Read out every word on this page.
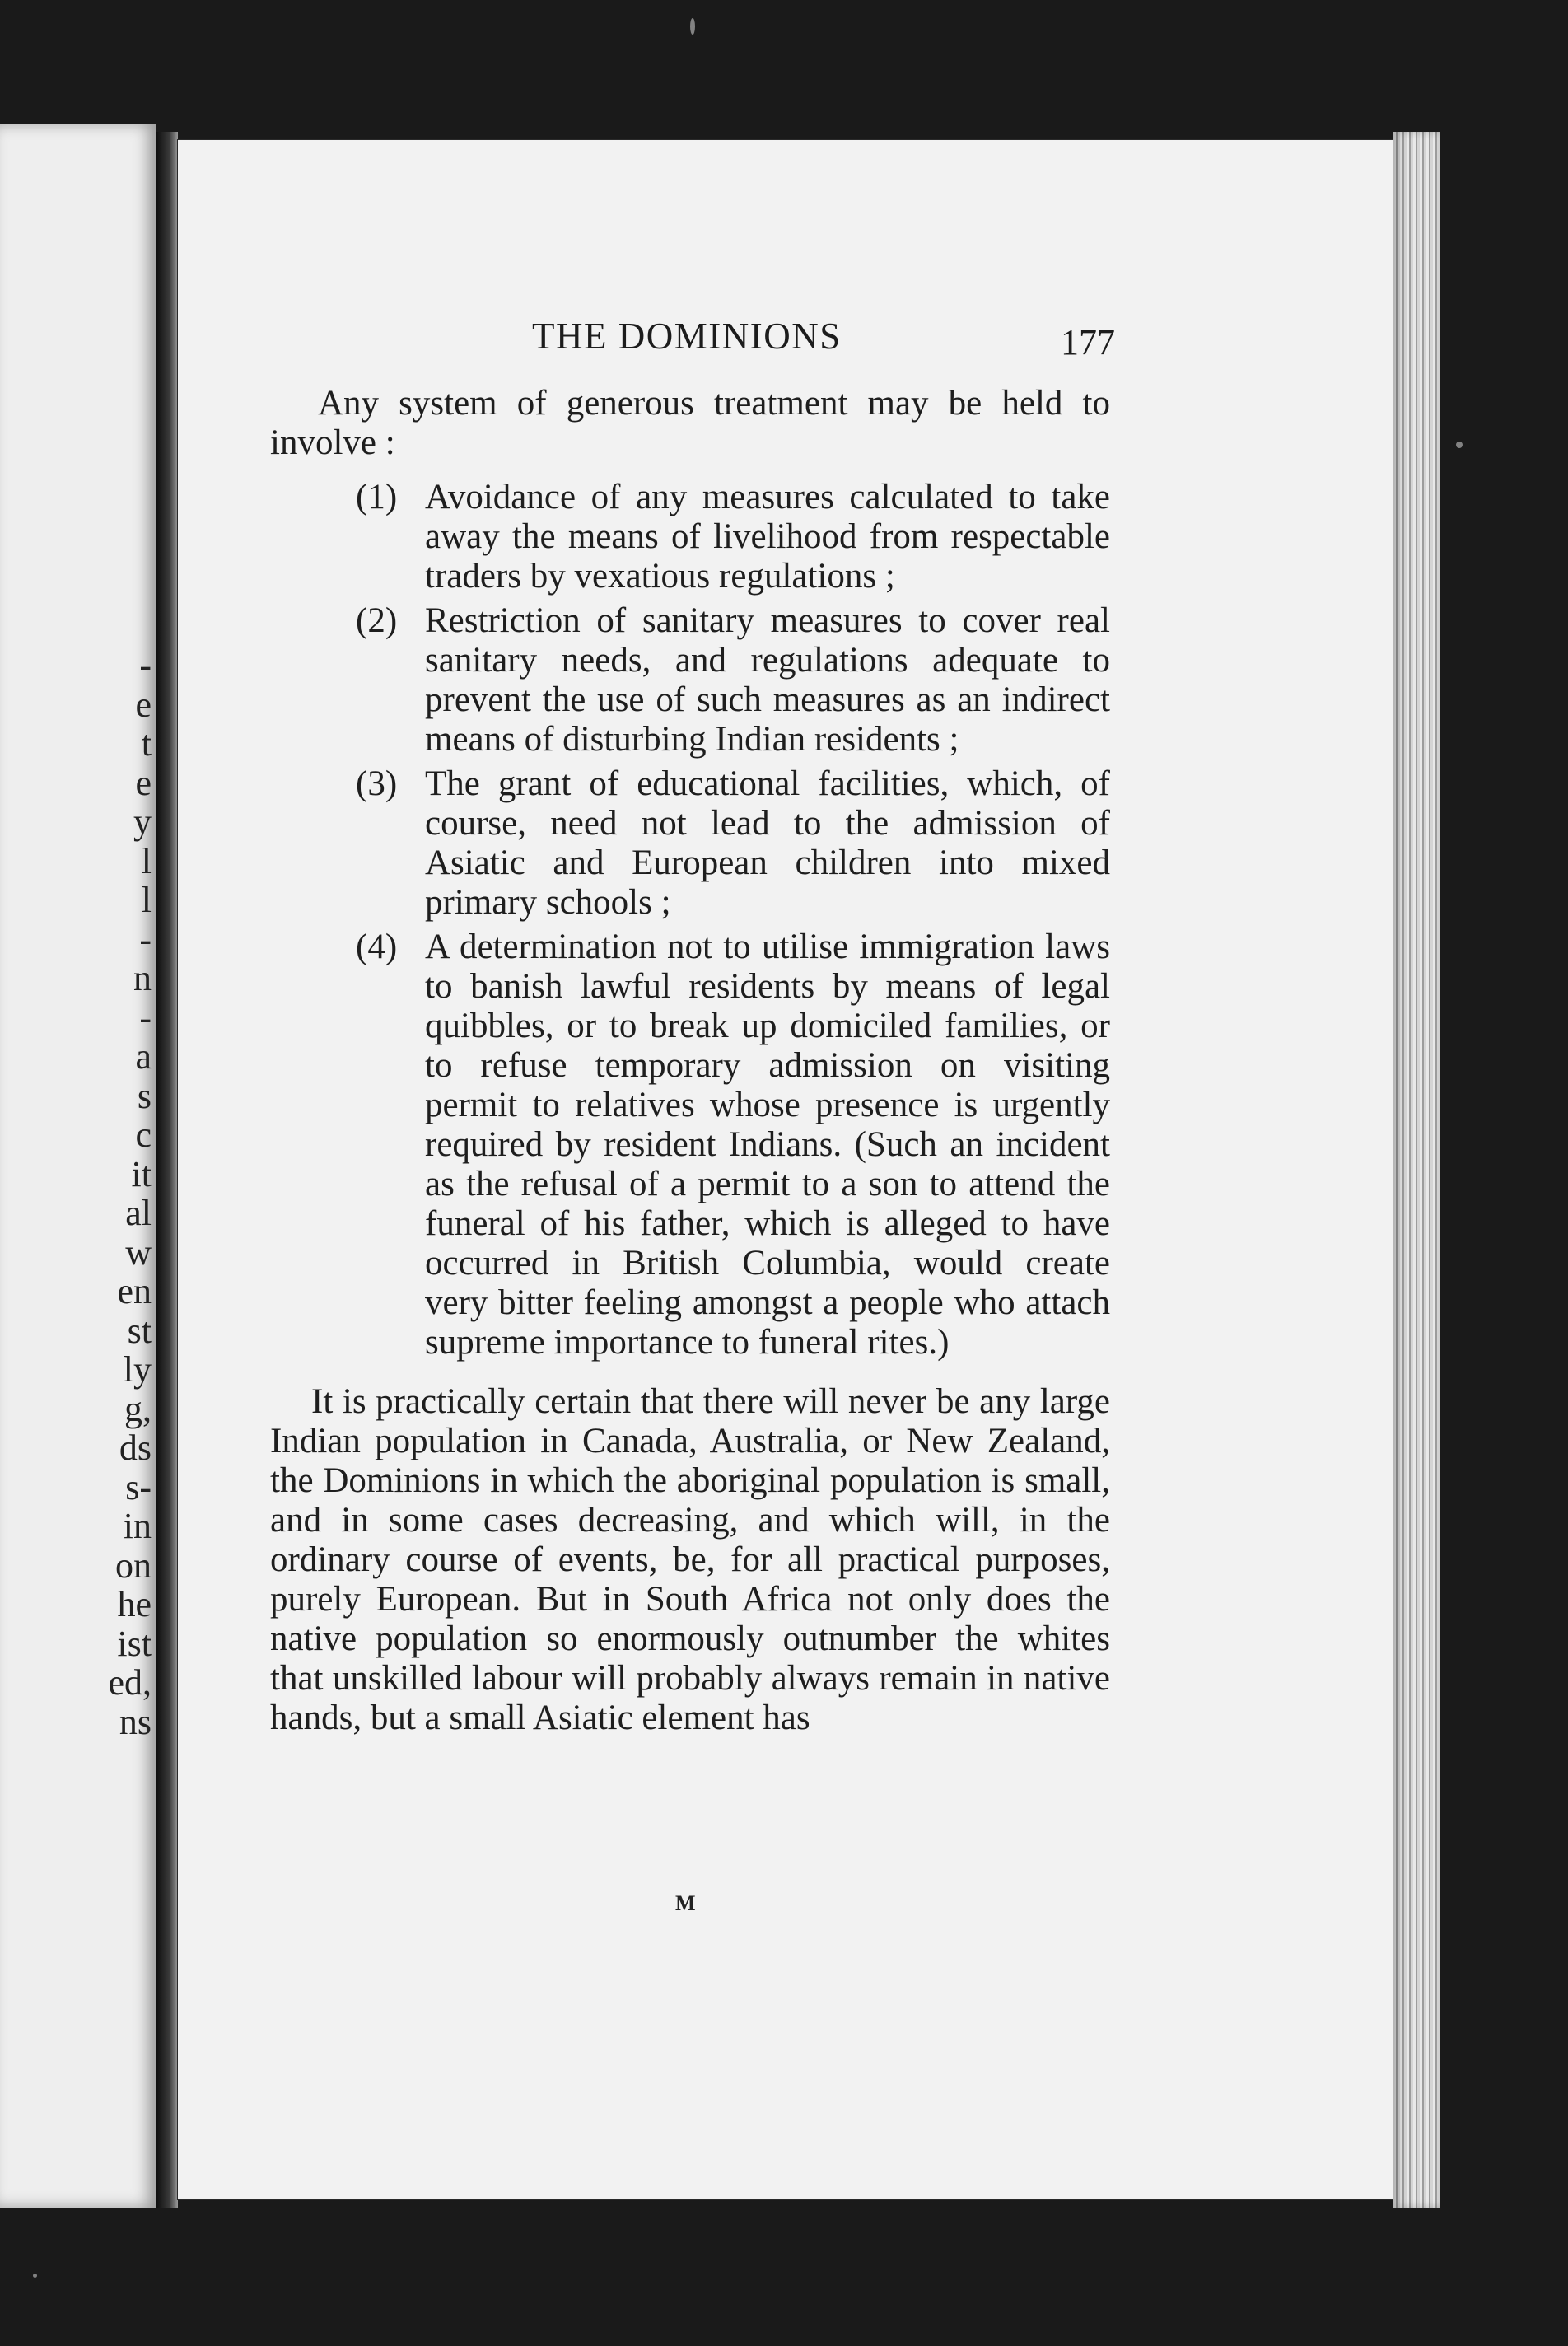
-
e
t
e
y
l
l
-
n
-
a
s
c
it
al
w
en
st
ly
g,
ds
s-
in
on
he
ist
ed,
ns
THE DOMINIONS	177

Any system of generous treatment may be held to involve :

(1) Avoidance of any measures calculated to take away the means of livelihood from respectable traders by vexatious regulations ;
(2) Restriction of sanitary measures to cover real sanitary needs, and regulations adequate to prevent the use of such measures as an indirect means of disturbing Indian residents ;
(3) The grant of educational facilities, which, of course, need not lead to the admission of Asiatic and European children into mixed primary schools ;
(4) A determination not to utilise immigration laws to banish lawful residents by means of legal quibbles, or to break up domiciled families, or to refuse temporary admission on visiting permit to relatives whose presence is urgently required by resident Indians. (Such an incident as the refusal of a permit to a son to attend the funeral of his father, which is alleged to have occurred in British Columbia, would create very bitter feeling amongst a people who attach supreme importance to funeral rites.)

It is practically certain that there will never be any large Indian population in Canada, Australia, or New Zealand, the Dominions in which the aboriginal population is small, and in some cases decreasing, and which will, in the ordinary course of events, be, for all practical purposes, purely European. But in South Africa not only does the native population so enormously outnumber the whites that unskilled labour will probably always remain in native hands, but a small Asiatic element has

M
